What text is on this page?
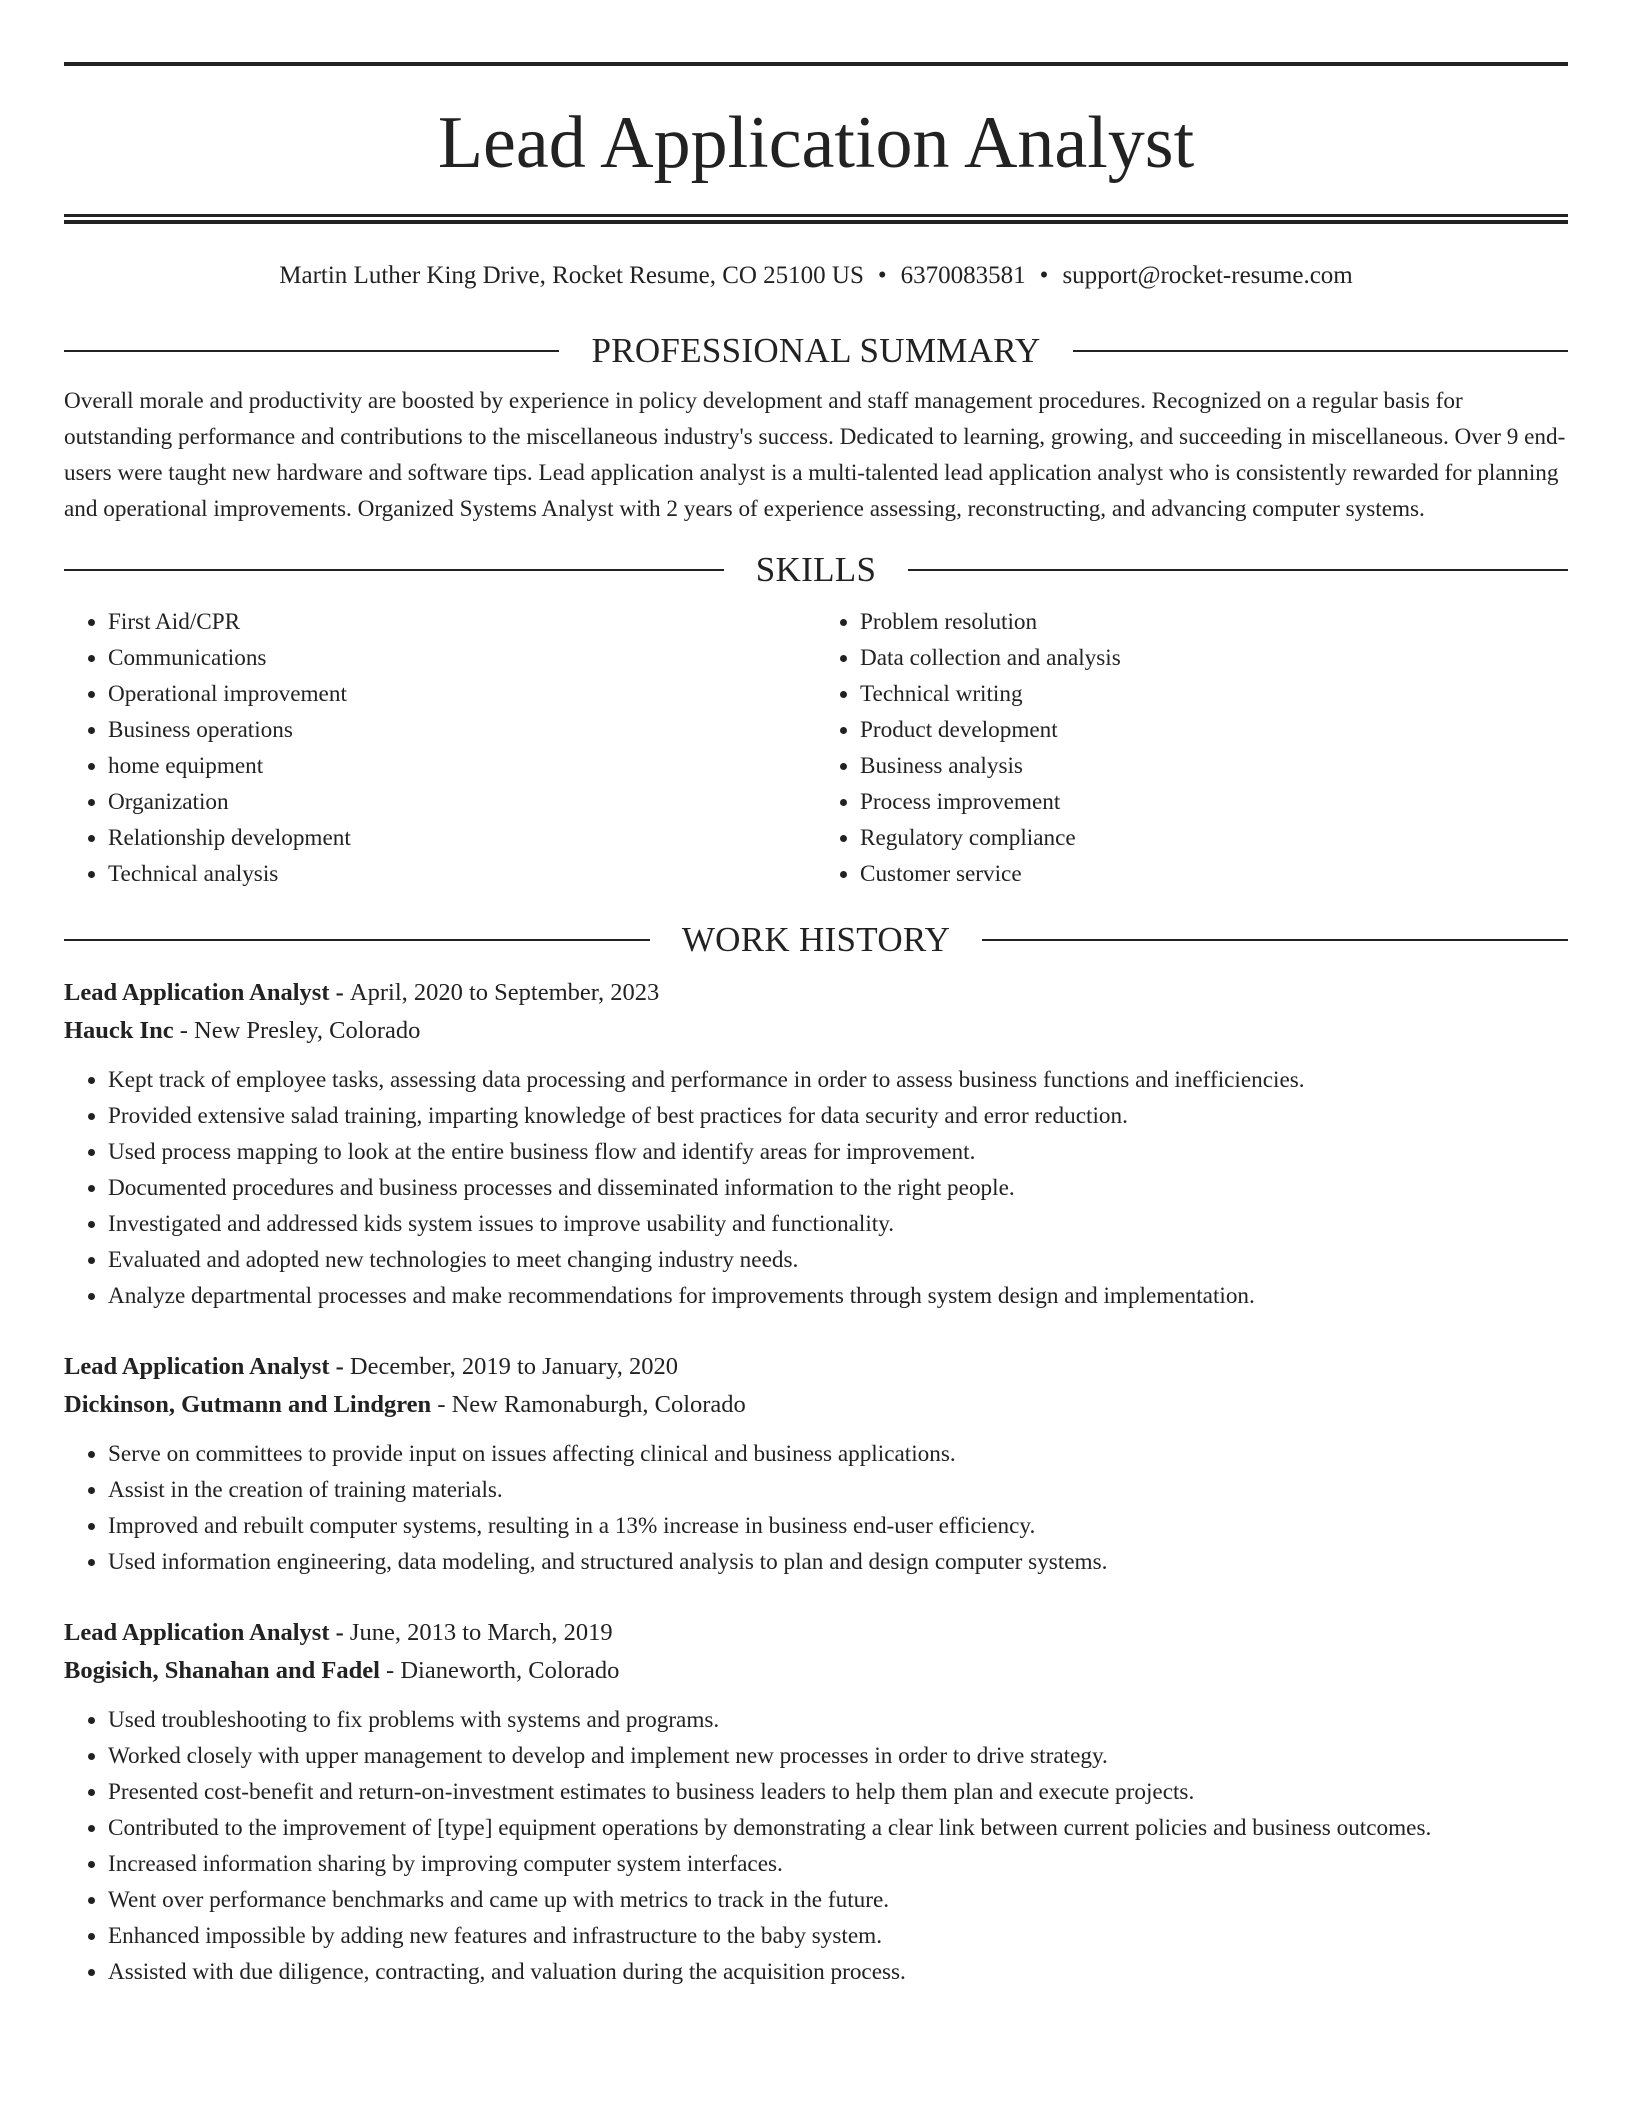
Lead Application Analyst
Martin Luther King Drive, Rocket Resume, CO 25100 US • 6370083581 • support@rocket-resume.com
PROFESSIONAL SUMMARY

Overall morale and productivity are boosted by experience in policy development and staff management procedures. Recognized on a regular basis for outstanding performance and contributions to the miscellaneous industry's success. Dedicated to learning, growing, and succeeding in miscellaneous. Over 9 end-users were taught new hardware and software tips. Lead application analyst is a multi-talented lead application analyst who is consistently rewarded for planning and operational improvements. Organized Systems Analyst with 2 years of experience assessing, reconstructing, and advancing computer systems.

SKILLS
• First Aid/CPR
• Communications
• Operational improvement
• Business operations
• home equipment
• Organization
• Relationship development
• Technical analysis
• Problem resolution
• Data collection and analysis
• Technical writing
• Product development
• Business analysis
• Process improvement
• Regulatory compliance
• Customer service
WORK HISTORY
Lead Application Analyst - April, 2020 to September, 2023
Hauck Inc - New Presley, Colorado
• Kept track of employee tasks, assessing data processing and performance in order to assess business functions and inefficiencies.
• Provided extensive salad training, imparting knowledge of best practices for data security and error reduction.
• Used process mapping to look at the entire business flow and identify areas for improvement.
• Documented procedures and business processes and disseminated information to the right people.
• Investigated and addressed kids system issues to improve usability and functionality.
• Evaluated and adopted new technologies to meet changing industry needs.
• Analyze departmental processes and make recommendations for improvements through system design and implementation.
Lead Application Analyst - December, 2019 to January, 2020
Dickinson, Gutmann and Lindgren - New Ramonaburgh, Colorado
• Serve on committees to provide input on issues affecting clinical and business applications.
• Assist in the creation of training materials.
• Improved and rebuilt computer systems, resulting in a 13% increase in business end-user efficiency.
• Used information engineering, data modeling, and structured analysis to plan and design computer systems.
Lead Application Analyst - June, 2013 to March, 2019
Bogisich, Shanahan and Fadel - Dianeworth, Colorado
• Used troubleshooting to fix problems with systems and programs.
• Worked closely with upper management to develop and implement new processes in order to drive strategy.
• Presented cost-benefit and return-on-investment estimates to business leaders to help them plan and execute projects.
• Contributed to the improvement of [type] equipment operations by demonstrating a clear link between current policies and business outcomes.
• Increased information sharing by improving computer system interfaces.
• Went over performance benchmarks and came up with metrics to track in the future.
• Enhanced impossible by adding new features and infrastructure to the baby system.
• Assisted with due diligence, contracting, and valuation during the acquisition process.
